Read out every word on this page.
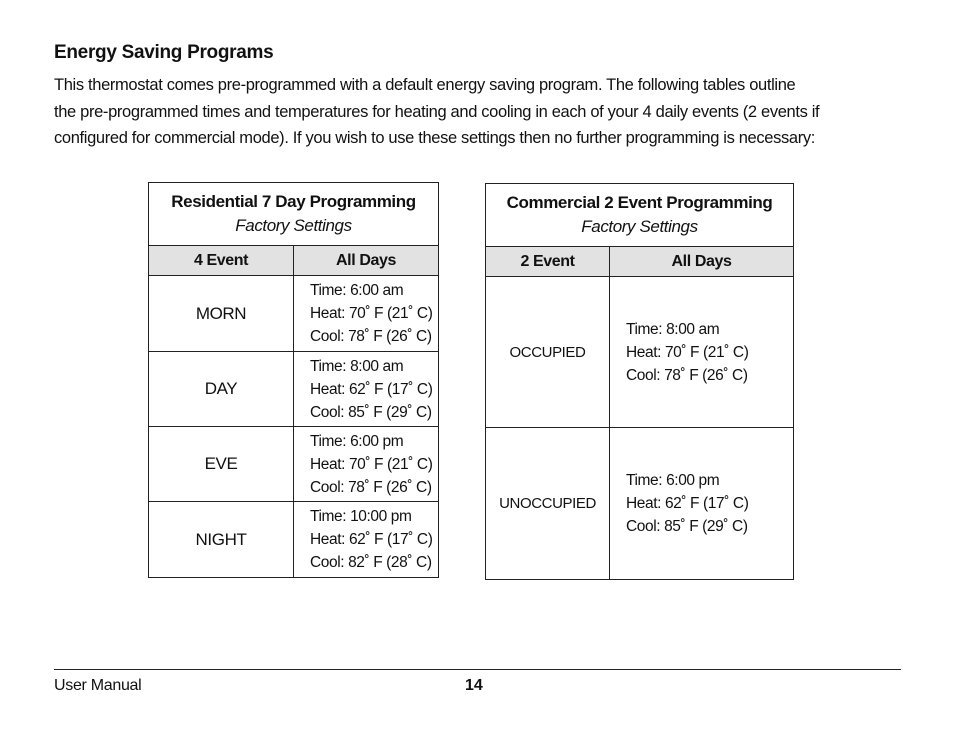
Energy Saving Programs

This thermostat comes pre-programmed with a default energy saving program. The following tables outline
the pre-programmed times and temperatures for heating and cooling in each of your 4 daily events (2 events if
configured for commercial mode). If you wish to use these settings then no further programming is necessary:

Residential 7 Day Programming
Factory Settings	

4 Event	All Days
MORN	Time: 6:00 am
Heat: 70˚ F (21˚ C)
Cool: 78˚ F (26˚ C)

DAY	Time: 8:00 am
Heat: 62˚ F (17˚ C)
Cool: 85˚ F (29˚ C)

EVE	Time: 6:00 pm
Heat: 70˚ F (21˚ C)
Cool: 78˚ F (26˚ C)

NIGHT	Time: 10:00 pm
Heat: 62˚ F (17˚ C)
Cool: 82˚ F (28˚ C)
Commercial 2 Event Programming
Factory Settings	

2 Event	All Days
OCCUPIED	Time: 8:00 am
Heat: 70˚ F (21˚ C)
Cool: 78˚ F (26˚ C)

UNOCCUPIED	Time: 6:00 pm
Heat: 62˚ F (17˚ C)
Cool: 85˚ F (29˚ C)
User Manual	14
